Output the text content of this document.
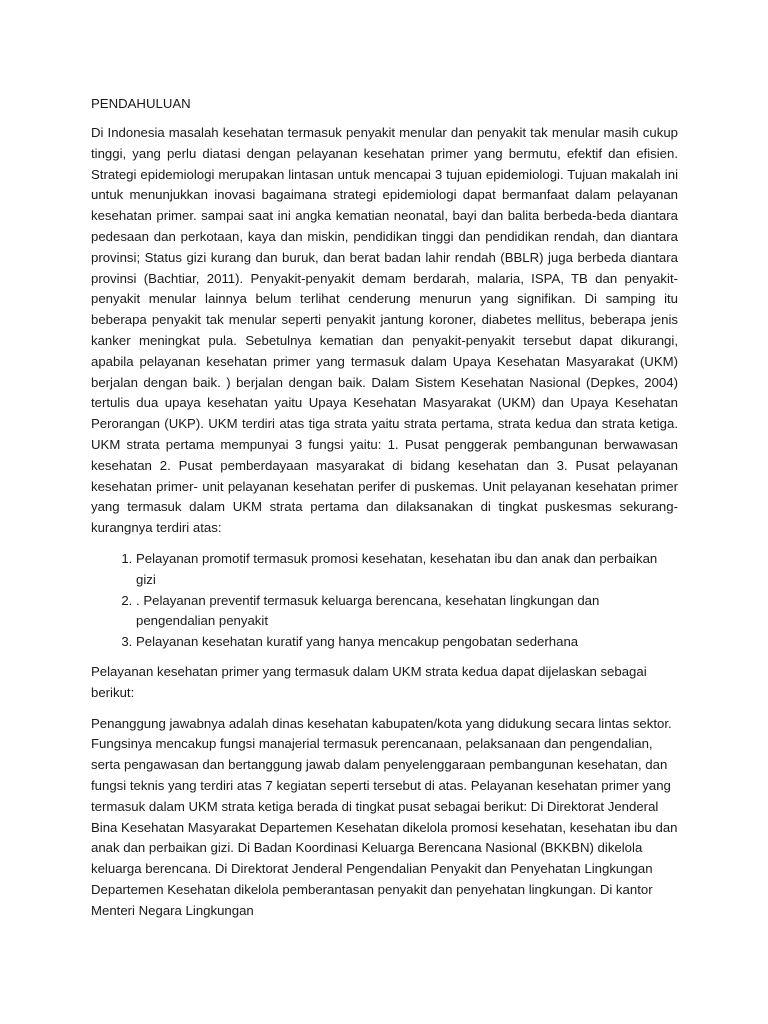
PENDAHULUAN

Di Indonesia masalah kesehatan termasuk penyakit menular dan penyakit tak menular masih cukup tinggi, yang perlu diatasi dengan pelayanan kesehatan primer yang bermutu, efektif dan efisien. Strategi epidemiologi merupakan lintasan untuk mencapai 3 tujuan epidemiologi. Tujuan makalah ini untuk menunjukkan inovasi bagaimana strategi epidemiologi dapat bermanfaat dalam pelayanan kesehatan primer. sampai saat ini angka kematian neonatal, bayi dan balita berbeda-beda diantara pedesaan dan perkotaan, kaya dan miskin, pendidikan tinggi dan pendidikan rendah, dan diantara provinsi; Status gizi kurang dan buruk, dan berat badan lahir rendah (BBLR) juga berbeda diantara provinsi (Bachtiar, 2011). Penyakit-penyakit demam berdarah, malaria, ISPA, TB dan penyakit-penyakit menular lainnya belum terlihat cenderung menurun yang signifikan. Di samping itu beberapa penyakit tak menular seperti penyakit jantung koroner, diabetes mellitus, beberapa jenis kanker meningkat pula. Sebetulnya kematian dan penyakit-penyakit tersebut dapat dikurangi, apabila pelayanan kesehatan primer yang termasuk dalam Upaya Kesehatan Masyarakat (UKM) berjalan dengan baik. ) berjalan dengan baik. Dalam Sistem Kesehatan Nasional (Depkes, 2004) tertulis dua upaya kesehatan yaitu Upaya Kesehatan Masyarakat (UKM) dan Upaya Kesehatan Perorangan (UKP). UKM terdiri atas tiga strata yaitu strata pertama, strata kedua dan strata ketiga. UKM strata pertama mempunyai 3 fungsi yaitu: 1. Pusat penggerak pembangunan berwawasan kesehatan 2. Pusat pemberdayaan masyarakat di bidang kesehatan dan 3. Pusat pelayanan kesehatan primer- unit pelayanan kesehatan perifer di puskemas. Unit pelayanan kesehatan primer yang termasuk dalam UKM strata pertama dan dilaksanakan di tingkat puskesmas sekurang-kurangnya terdiri atas:

1. Pelayanan promotif termasuk promosi kesehatan, kesehatan ibu dan anak dan perbaikan gizi
2. . Pelayanan preventif termasuk keluarga berencana, kesehatan lingkungan dan pengendalian penyakit
3. Pelayanan kesehatan kuratif yang hanya mencakup pengobatan sederhana

Pelayanan kesehatan primer yang termasuk dalam UKM strata kedua dapat dijelaskan sebagai berikut:

Penanggung jawabnya adalah dinas kesehatan kabupaten/kota yang didukung secara lintas sektor. Fungsinya mencakup fungsi manajerial termasuk perencanaan, pelaksanaan dan pengendalian, serta pengawasan dan bertanggung jawab dalam penyelenggaraan pembangunan kesehatan, dan fungsi teknis yang terdiri atas 7 kegiatan seperti tersebut di atas. Pelayanan kesehatan primer yang termasuk dalam UKM strata ketiga berada di tingkat pusat sebagai berikut: Di Direktorat Jenderal Bina Kesehatan Masyarakat Departemen Kesehatan dikelola promosi kesehatan, kesehatan ibu dan anak dan perbaikan gizi. Di Badan Koordinasi Keluarga Berencana Nasional (BKKBN) dikelola keluarga berencana. Di Direktorat Jenderal Pengendalian Penyakit dan Penyehatan Lingkungan Departemen Kesehatan dikelola pemberantasan penyakit dan penyehatan lingkungan. Di kantor Menteri Negara Lingkungan
